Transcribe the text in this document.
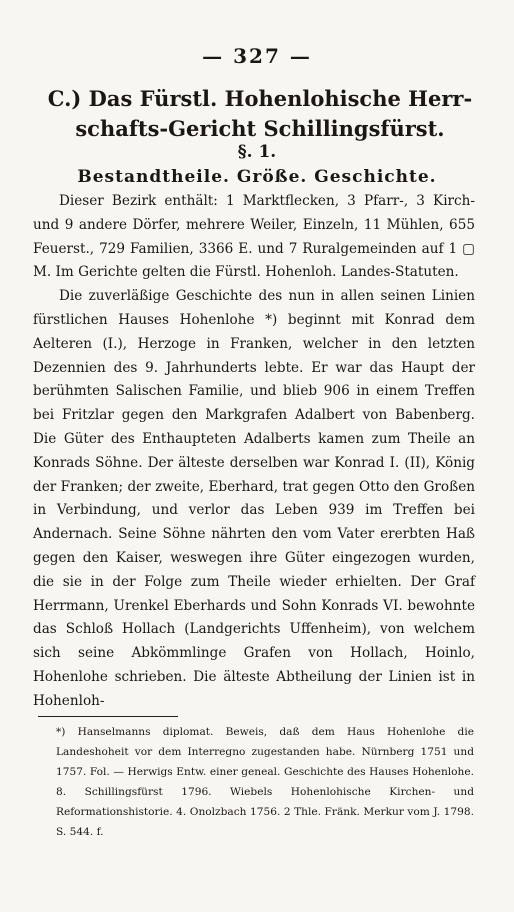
— 327 —
C.) Das Fürstl. Hohenlohische Herr-
schafts-Gericht Schillingsfürst.
§. 1.
Bestandtheile. Größe. Geschichte.

Dieser Bezirk enthält: 1 Marktflecken, 3 Pfarr-, 3 Kirch- und 9 andere Dörfer, mehrere Weiler, Einzeln, 11 Mühlen, 655 Feuerst., 729 Familien, 3366 E. und 7 Ruralgemeinden auf 1 ▢ M. Im Gerichte gelten die Fürstl. Hohenloh. Landes-Statuten.

Die zuverläßige Geschichte des nun in allen seinen Linien fürstlichen Hauses Hohenlohe *) beginnt mit Konrad dem Aelteren (I.), Herzoge in Franken, welcher in den letzten Dezennien des 9. Jahrhunderts lebte. Er war das Haupt der berühmten Salischen Familie, und blieb 906 in einem Treffen bei Fritzlar gegen den Markgrafen Adalbert von Babenberg. Die Güter des Enthaupteten Adalberts kamen zum Theile an Konrads Söhne. Der älteste derselben war Konrad I. (II), König der Franken; der zweite, Eberhard, trat gegen Otto den Großen in Verbindung, und verlor das Leben 939 im Treffen bei Andernach. Seine Söhne nährten den vom Vater ererbten Haß gegen den Kaiser, weswegen ihre Güter eingezogen wurden, die sie in der Folge zum Theile wieder erhielten. Der Graf Herrmann, Urenkel Eberhards und Sohn Konrads VI. bewohnte das Schloß Hollach (Landgerichts Uffenheim), von welchem sich seine Abkömmlinge Grafen von Hollach, Hoinlo, Hohenlohe schrieben. Die älteste Abtheilung der Linien ist in Hohenloh-

*) Hanselmanns diplomat. Beweis, daß dem Haus Hohenlohe die Landeshoheit vor dem Interregno zugestanden habe. Nürnberg 1751 und 1757. Fol. — Herwigs Entw. einer geneal. Geschichte des Hauses Hohenlohe. 8. Schillingsfürst 1796. Wiebels Hohenlohische Kirchen- und Reformationshistorie. 4. Onolzbach 1756. 2 Thle. Fränk. Merkur vom J. 1798. S. 544. f.
